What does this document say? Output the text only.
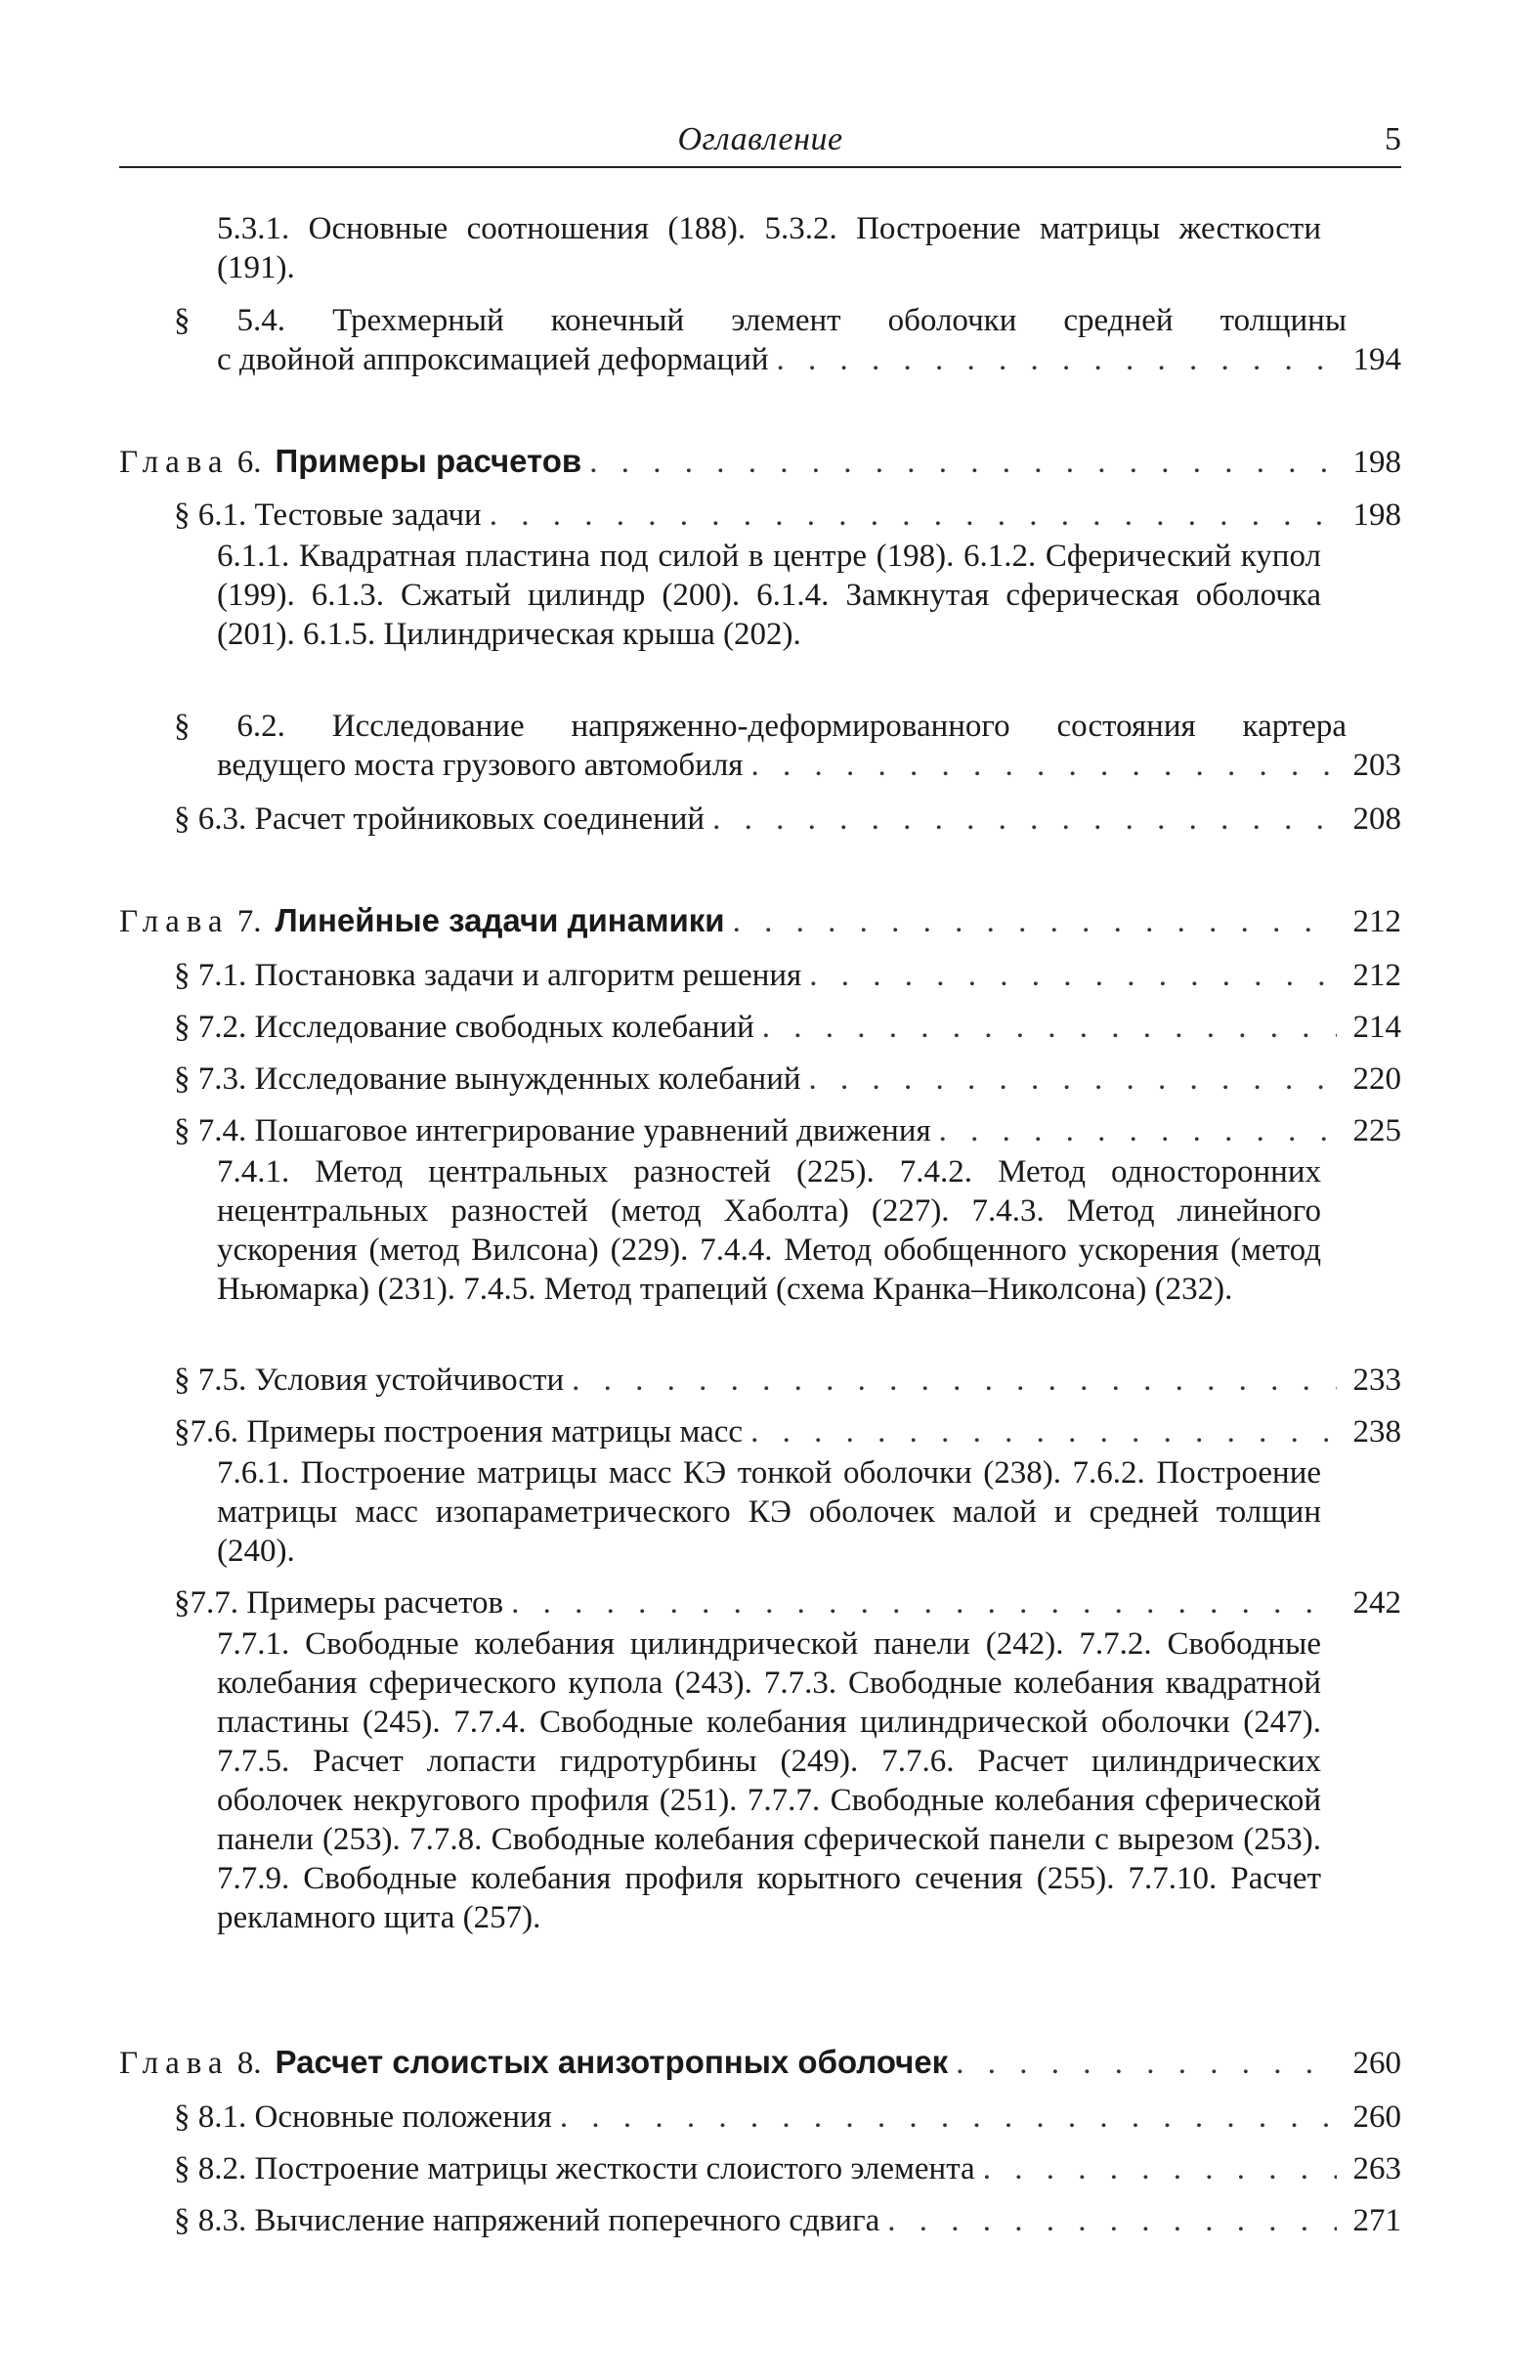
Оглавление	5
5.3.1. Основные соотношения (188). 5.3.2. Построение матрицы жесткости (191).
§ 5.4. Трехмерный конечный элемент оболочки средней толщины
с двойной аппроксимацией деформаций . . .	194
Глава 6. Примеры расчетов . . .	198
§ 6.1. Тестовые задачи . . .	198
6.1.1. Квадратная пластина под силой в центре (198). 6.1.2. Сферический купол (199). 6.1.3. Сжатый цилиндр (200). 6.1.4. Замкнутая сферическая оболочка (201). 6.1.5. Цилиндрическая крыша (202).
§ 6.2. Исследование напряженно-деформированного состояния картера
ведущего моста грузового автомобиля . . .	203
§ 6.3. Расчет тройниковых соединений . . .	208
Глава 7. Линейные задачи динамики . . .	212
§ 7.1. Постановка задачи и алгоритм решения . . .	212
§ 7.2. Исследование свободных колебаний . . .	214
§ 7.3. Исследование вынужденных колебаний . . .	220
§ 7.4. Пошаговое интегрирование уравнений движения . . .	225
7.4.1. Метод центральных разностей (225). 7.4.2. Метод односторонних нецентральных разностей (метод Хаболта) (227). 7.4.3. Метод линейного ускорения (метод Вилсона) (229). 7.4.4. Метод обобщенного ускорения (метод Ньюмарка) (231). 7.4.5. Метод трапеций (схема Кранка–Николсона) (232).
§ 7.5. Условия устойчивости . . .	233
§7.6. Примеры построения матрицы масс . . .	238
7.6.1. Построение матрицы масс КЭ тонкой оболочки (238). 7.6.2. Построение матрицы масс изопараметрического КЭ оболочек малой и средней толщин (240).
§7.7. Примеры расчетов . . .	242
7.7.1. Свободные колебания цилиндрической панели (242). 7.7.2. Свободные колебания сферического купола (243). 7.7.3. Свободные колебания квадратной пластины (245). 7.7.4. Свободные колебания цилиндрической оболочки (247). 7.7.5. Расчет лопасти гидротурбины (249). 7.7.6. Расчет цилиндрических оболочек некругового профиля (251). 7.7.7. Свободные колебания сферической панели (253). 7.7.8. Свободные колебания сферической панели с вырезом (253). 7.7.9. Свободные колебания профиля корытного сечения (255). 7.7.10. Расчет рекламного щита (257).
Глава 8. Расчет слоистых анизотропных оболочек . . .	260
§ 8.1. Основные положения . . .	260
§ 8.2. Построение матрицы жесткости слоистого элемента . . .	263
§ 8.3. Вычисление напряжений поперечного сдвига . . .	271
